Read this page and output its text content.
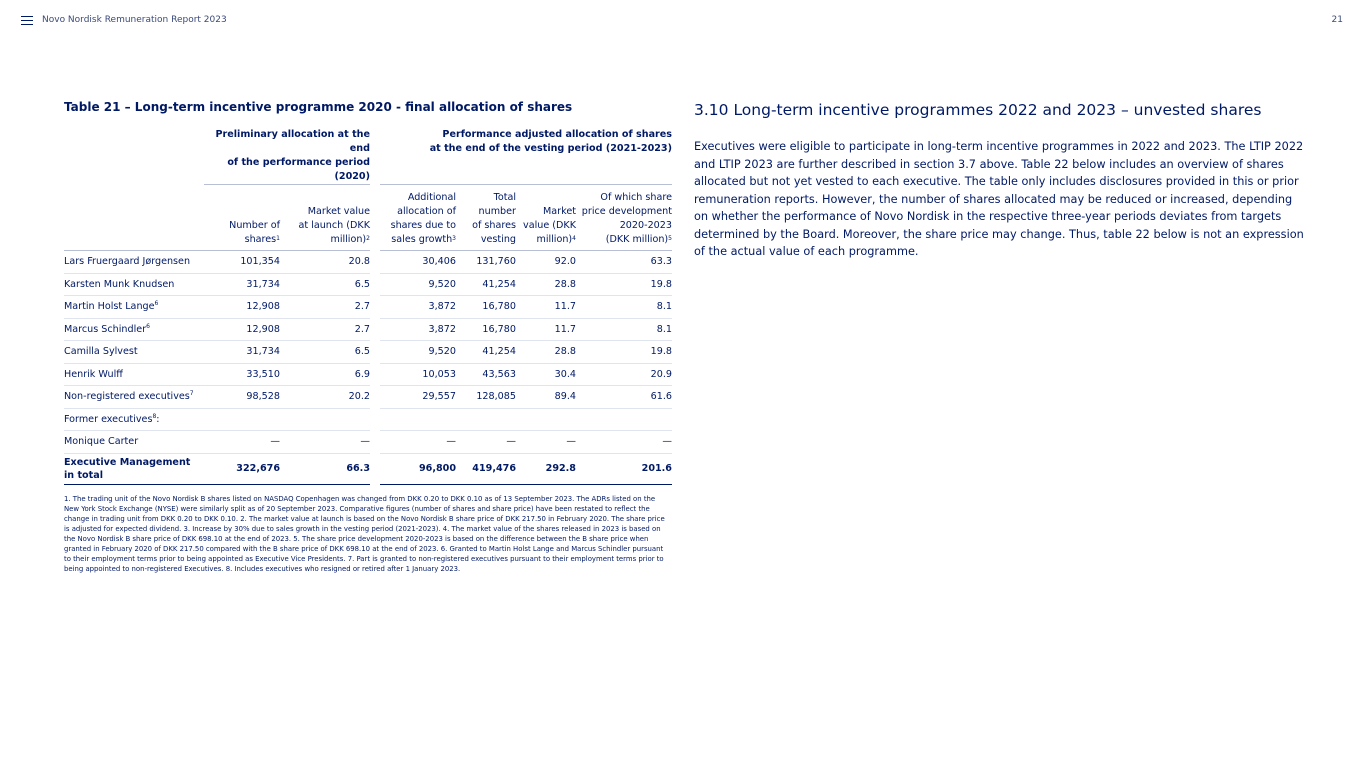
Novo Nordisk Remuneration Report 2023	21
Table 21 – Long-term incentive programme 2020 - final allocation of shares
	Preliminary allocation at the end
of the performance period (2020)			Performance adjusted allocation of shares
at the end of the vesting period (2021-2023)			
	Number of
shares$^1$	Market value
at launch (DKK
million)$^2$		Additional
allocation of
shares due to
sales growth$^3$	Total
number
of shares
vesting	Market
value (DKK
million)$^4$	Of which share
price development
2020-2023
(DKK million)$^5$
Lars Fruergaard Jørgensen	101,354	20.8		30,406	131,760	92.0	63.3
Karsten Munk Knudsen	31,734	6.5		9,520	41,254	28.8	19.8
Martin Holst Lange$^6$	12,908	2.7		3,872	16,780	11.7	8.1
Marcus Schindler$^6$	12,908	2.7		3,872	16,780	11.7	8.1
Camilla Sylvest	31,734	6.5		9,520	41,254	28.8	19.8
Henrik Wulff	33,510	6.9		10,053	43,563	30.4	20.9
Non-registered executives$^7$	98,528	20.2		29,557	128,085	89.4	61.6
Former executives$^8$:							
Monique Carter	—	—		—	—	—	—
Executive Management
in total	322,676	66.3		96,800	419,476	292.8	201.6
1. The trading unit of the Novo Nordisk B shares listed on NASDAQ Copenhagen was changed from DKK 0.20 to DKK 0.10 as of 13 September 2023. The ADRs listed on the New York Stock Exchange (NYSE) were similarly split as of 20 September 2023. Comparative figures (number of shares and share price) have been restated to reflect the change in trading unit from DKK 0.20 to DKK 0.10. 2. The market value at launch is based on the Novo Nordisk B share price of DKK 217.50 in February 2020. The share price is adjusted for expected dividend. 3. Increase by 30% due to sales growth in the vesting period (2021-2023). 4. The market value of the shares released in 2023 is based on the Novo Nordisk B share price of DKK 698.10 at the end of 2023. 5. The share price development 2020-2023 is based on the difference between the B share price when granted in February 2020 of DKK 217.50 compared with the B share price of DKK 698.10 at the end of 2023. 6. Granted to Martin Holst Lange and Marcus Schindler pursuant to their employment terms prior to being appointed as Executive Vice Presidents. 7. Part is granted to non-registered executives pursuant to their employment terms prior to being appointed to non-registered Executives. 8. Includes executives who resigned or retired after 1 January 2023.
3.10 Long-term incentive programmes 2022 and 2023 – unvested shares
Executives were eligible to participate in long-term incentive programmes in 2022 and 2023. The LTIP 2022 and LTIP 2023 are further described in section 3.7 above. Table 22 below includes an overview of shares allocated but not yet vested to each executive. The table only includes disclosures provided in this or prior remuneration reports. However, the number of shares allocated may be reduced or increased, depending on whether the performance of Novo Nordisk in the respective three-year periods deviates from targets determined by the Board. Moreover, the share price may change. Thus, table 22 below is not an expression of the actual value of each programme.
